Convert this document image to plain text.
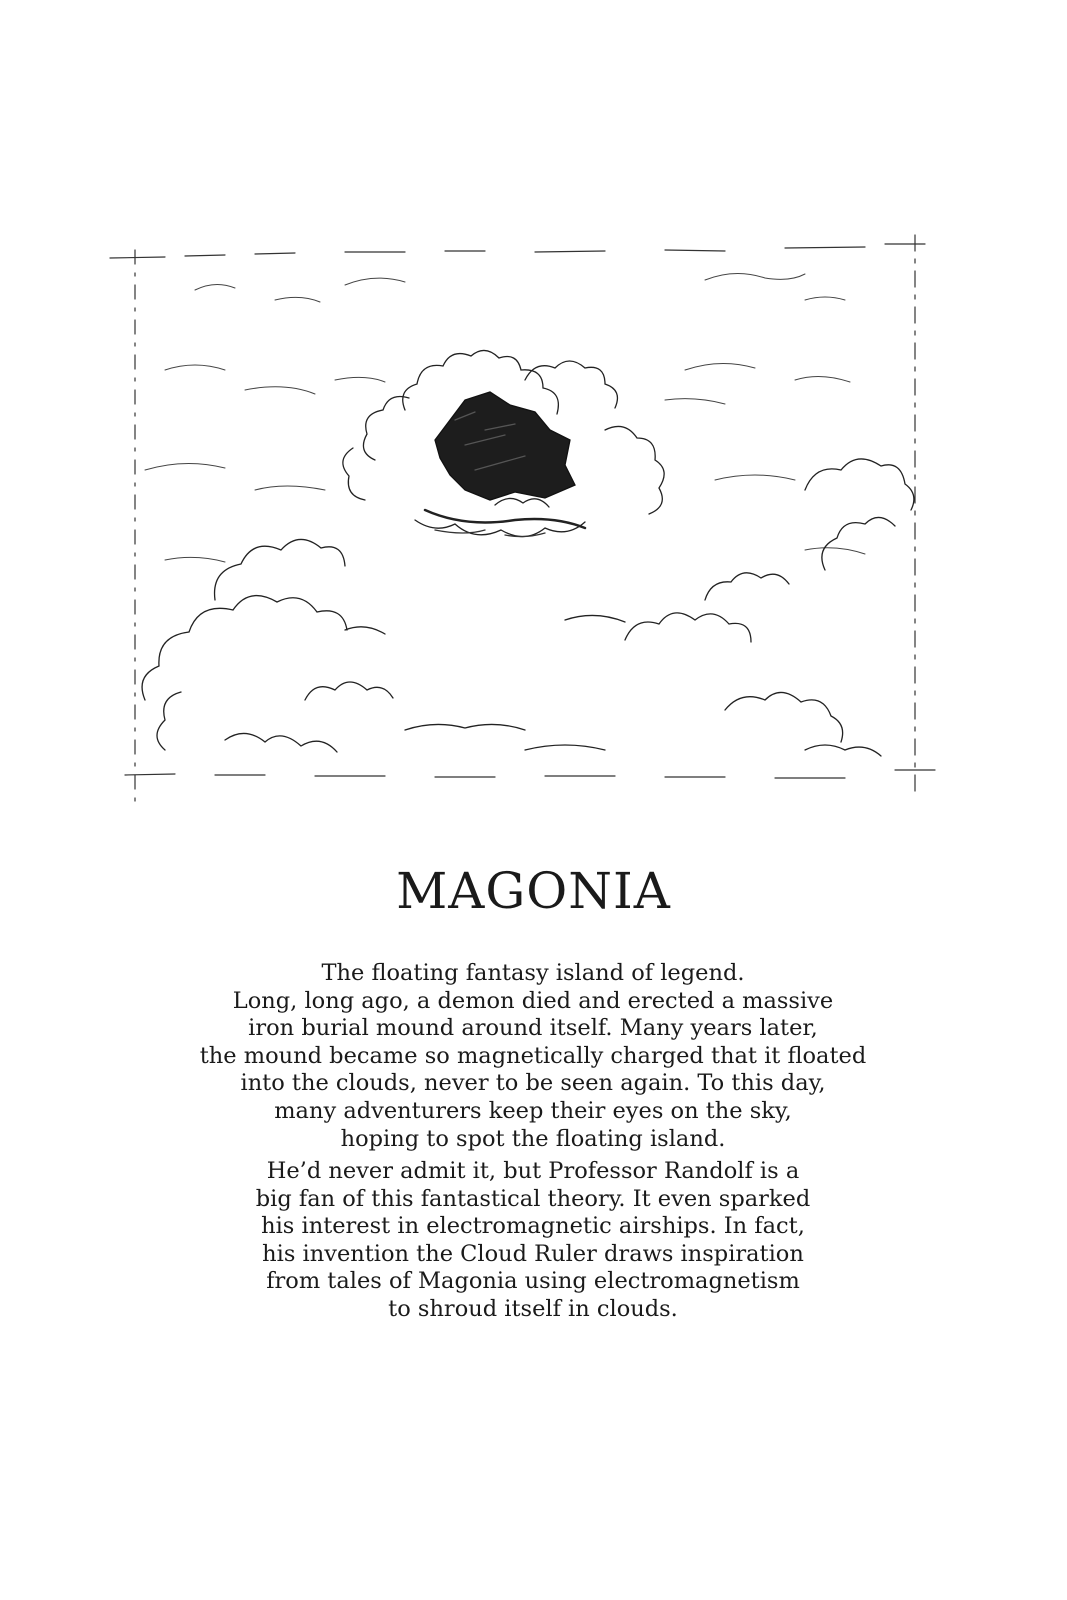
MAGONIA

The floating fantasy island of legend.
Long, long ago, a demon died and erected a massive
iron burial mound around itself. Many years later,
the mound became so magnetically charged that it floated
into the clouds, never to be seen again. To this day,
many adventurers keep their eyes on the sky,
hoping to spot the floating island.

He’d never admit it, but Professor Randolf is a
big fan of this fantastical theory. It even sparked
his interest in electromagnetic airships. In fact,
his invention the Cloud Ruler draws inspiration
from tales of Magonia using electromagnetism
to shroud itself in clouds.
